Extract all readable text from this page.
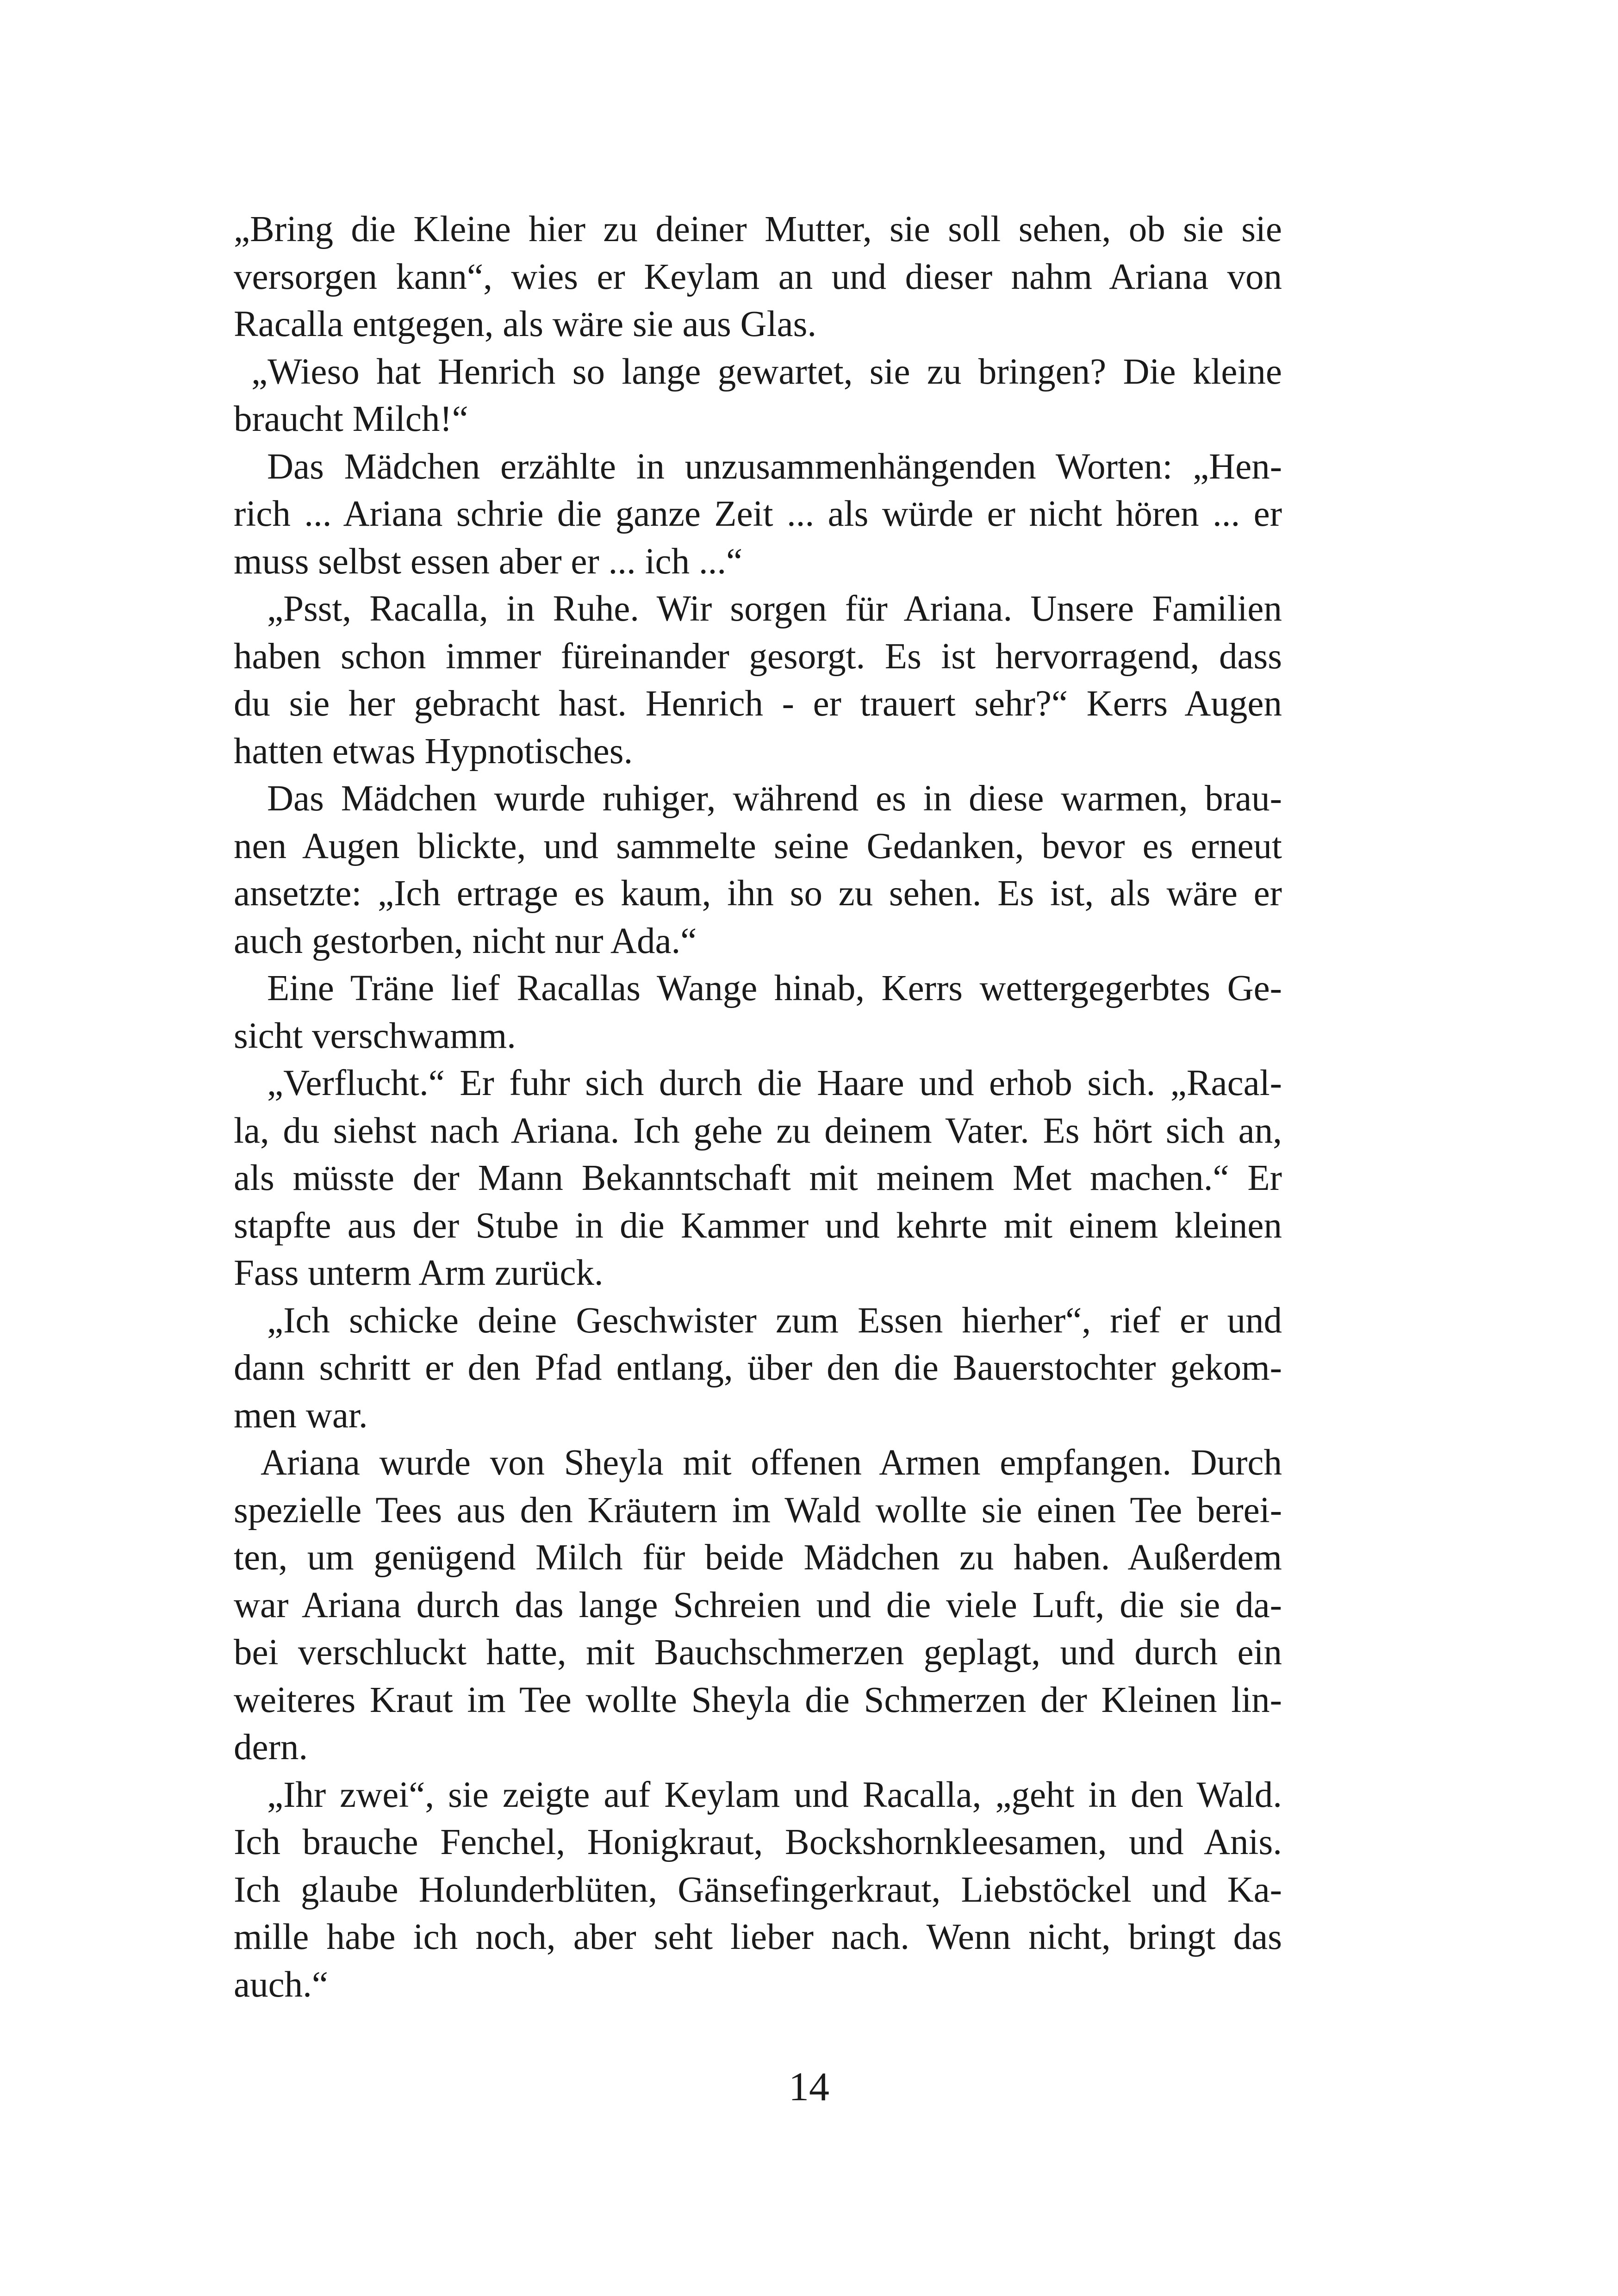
„Bring die Kleine hier zu deiner Mutter, sie soll sehen, ob sie sie
versorgen kann“, wies er Keylam an und dieser nahm Ariana von
Racalla entgegen, als wäre sie aus Glas.

„Wieso hat Henrich so lange gewartet, sie zu bringen? Die kleine
braucht Milch!“

Das Mädchen erzählte in unzusammenhängenden Worten: „Hen-
rich ... Ariana schrie die ganze Zeit ... als würde er nicht hören ... er
muss selbst essen aber er ... ich ...“

„Psst, Racalla, in Ruhe. Wir sorgen für Ariana. Unsere Familien
haben schon immer füreinander gesorgt. Es ist hervorragend, dass
du sie her gebracht hast. Henrich - er trauert sehr?“ Kerrs Augen
hatten etwas Hypnotisches.

Das Mädchen wurde ruhiger, während es in diese warmen, brau-
nen Augen blickte, und sammelte seine Gedanken, bevor es erneut
ansetzte: „Ich ertrage es kaum, ihn so zu sehen. Es ist, als wäre er
auch gestorben, nicht nur Ada.“

Eine Träne lief Racallas Wange hinab, Kerrs wettergegerbtes Ge-
sicht verschwamm.

„Verflucht.“ Er fuhr sich durch die Haare und erhob sich. „Racal-
la, du siehst nach Ariana. Ich gehe zu deinem Vater. Es hört sich an,
als müsste der Mann Bekanntschaft mit meinem Met machen.“ Er
stapfte aus der Stube in die Kammer und kehrte mit einem kleinen
Fass unterm Arm zurück.

„Ich schicke deine Geschwister zum Essen hierher“, rief er und
dann schritt er den Pfad entlang, über den die Bauerstochter gekom-
men war.

Ariana wurde von Sheyla mit offenen Armen empfangen. Durch
spezielle Tees aus den Kräutern im Wald wollte sie einen Tee berei-
ten, um genügend Milch für beide Mädchen zu haben. Außerdem
war Ariana durch das lange Schreien und die viele Luft, die sie da-
bei verschluckt hatte, mit Bauchschmerzen geplagt, und durch ein
weiteres Kraut im Tee wollte Sheyla die Schmerzen der Kleinen lin-
dern.

„Ihr zwei“, sie zeigte auf Keylam und Racalla, „geht in den Wald.
Ich brauche Fenchel, Honigkraut, Bockshornkleesamen, und Anis.
Ich glaube Holunderblüten, Gänsefingerkraut, Liebstöckel und Ka-
mille habe ich noch, aber seht lieber nach. Wenn nicht, bringt das
auch.“

14
